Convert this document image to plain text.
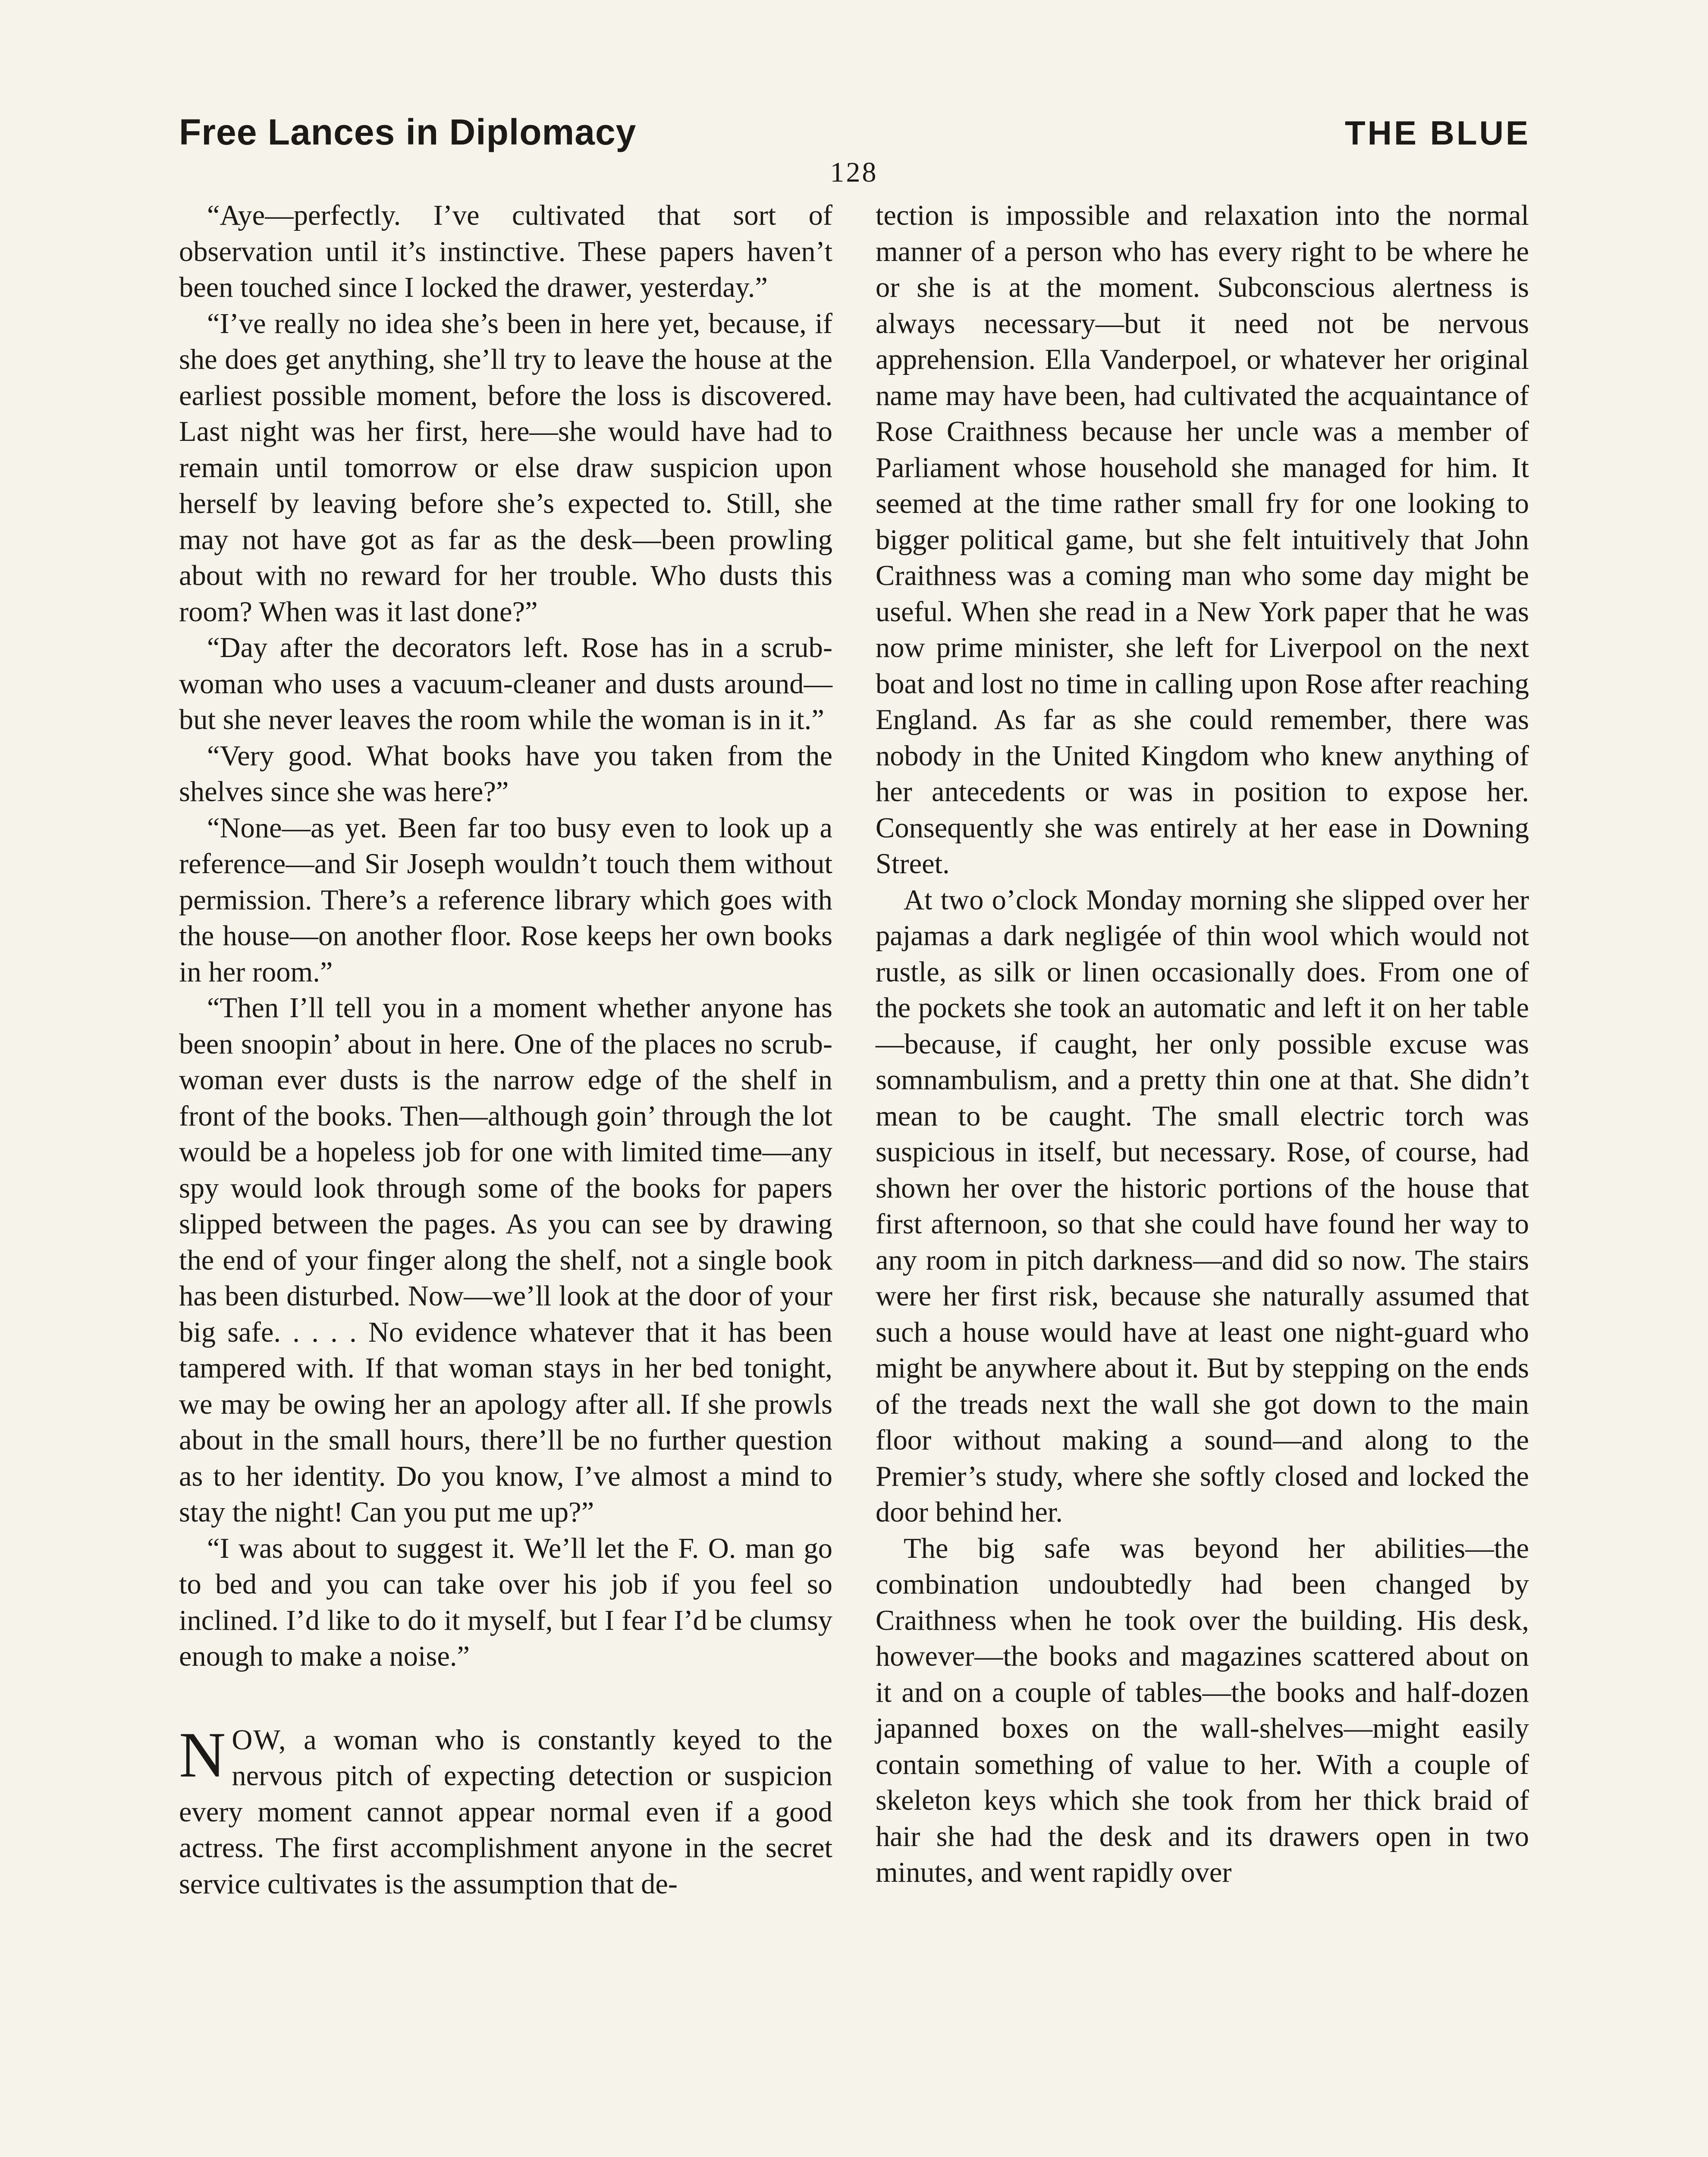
Free Lances in Diplomacy	THE BLUE
128

“Aye—perfectly. I’ve cultivated that sort of observation until it’s instinctive. These papers haven’t been touched since I locked the drawer, yesterday.”

“I’ve really no idea she’s been in here yet, because, if she does get anything, she’ll try to leave the house at the earliest possible moment, before the loss is discovered. Last night was her first, here—she would have had to remain until tomorrow or else draw suspicion upon herself by leaving before she’s expected to. Still, she may not have got as far as the desk—been prowling about with no reward for her trouble. Who dusts this room? When was it last done?”

“Day after the decorators left. Rose has in a scrub-woman who uses a vacuum-cleaner and dusts around—but she never leaves the room while the woman is in it.”

“Very good. What books have you taken from the shelves since she was here?”

“None—as yet. Been far too busy even to look up a reference—and Sir Joseph wouldn’t touch them without permission. There’s a reference library which goes with the house—on another floor. Rose keeps her own books in her room.”

“Then I’ll tell you in a moment whether anyone has been snoopin’ about in here. One of the places no scrub-woman ever dusts is the narrow edge of the shelf in front of the books. Then—although goin’ through the lot would be a hopeless job for one with limited time—any spy would look through some of the books for papers slipped between the pages. As you can see by drawing the end of your finger along the shelf, not a single book has been disturbed. Now—we’ll look at the door of your big safe. . . . . No evidence whatever that it has been tampered with. If that woman stays in her bed tonight, we may be owing her an apology after all. If she prowls about in the small hours, there’ll be no further question as to her identity. Do you know, I’ve almost a mind to stay the night! Can you put me up?”

“I was about to suggest it. We’ll let the F. O. man go to bed and you can take over his job if you feel so inclined. I’d like to do it myself, but I fear I’d be clumsy enough to make a noise.”

NOW, a woman who is constantly keyed to the nervous pitch of expecting detection or suspicion every moment cannot appear normal even if a good actress. The first accomplishment anyone in the secret service cultivates is the assumption that de-

tection is impossible and relaxation into the normal manner of a person who has every right to be where he or she is at the moment. Subconscious alertness is always necessary—but it need not be nervous apprehension. Ella Vanderpoel, or whatever her original name may have been, had cultivated the acquaintance of Rose Craithness because her uncle was a member of Parliament whose household she managed for him. It seemed at the time rather small fry for one looking to bigger political game, but she felt intuitively that John Craithness was a coming man who some day might be useful. When she read in a New York paper that he was now prime minister, she left for Liverpool on the next boat and lost no time in calling upon Rose after reaching England. As far as she could remember, there was nobody in the United Kingdom who knew anything of her antecedents or was in position to expose her. Consequently she was entirely at her ease in Downing Street.

At two o’clock Monday morning she slipped over her pajamas a dark negligée of thin wool which would not rustle, as silk or linen occasionally does. From one of the pockets she took an automatic and left it on her table—because, if caught, her only possible excuse was somnambulism, and a pretty thin one at that. She didn’t mean to be caught. The small electric torch was suspicious in itself, but necessary. Rose, of course, had shown her over the historic portions of the house that first afternoon, so that she could have found her way to any room in pitch darkness—and did so now. The stairs were her first risk, because she naturally assumed that such a house would have at least one night-guard who might be anywhere about it. But by stepping on the ends of the treads next the wall she got down to the main floor without making a sound—and along to the Premier’s study, where she softly closed and locked the door behind her.

The big safe was beyond her abilities—the combination undoubtedly had been changed by Craithness when he took over the building. His desk, however—the books and magazines scattered about on it and on a couple of tables—the books and half-dozen japanned boxes on the wall-shelves—might easily contain something of value to her. With a couple of skeleton keys which she took from her thick braid of hair she had the desk and its drawers open in two minutes, and went rapidly over
